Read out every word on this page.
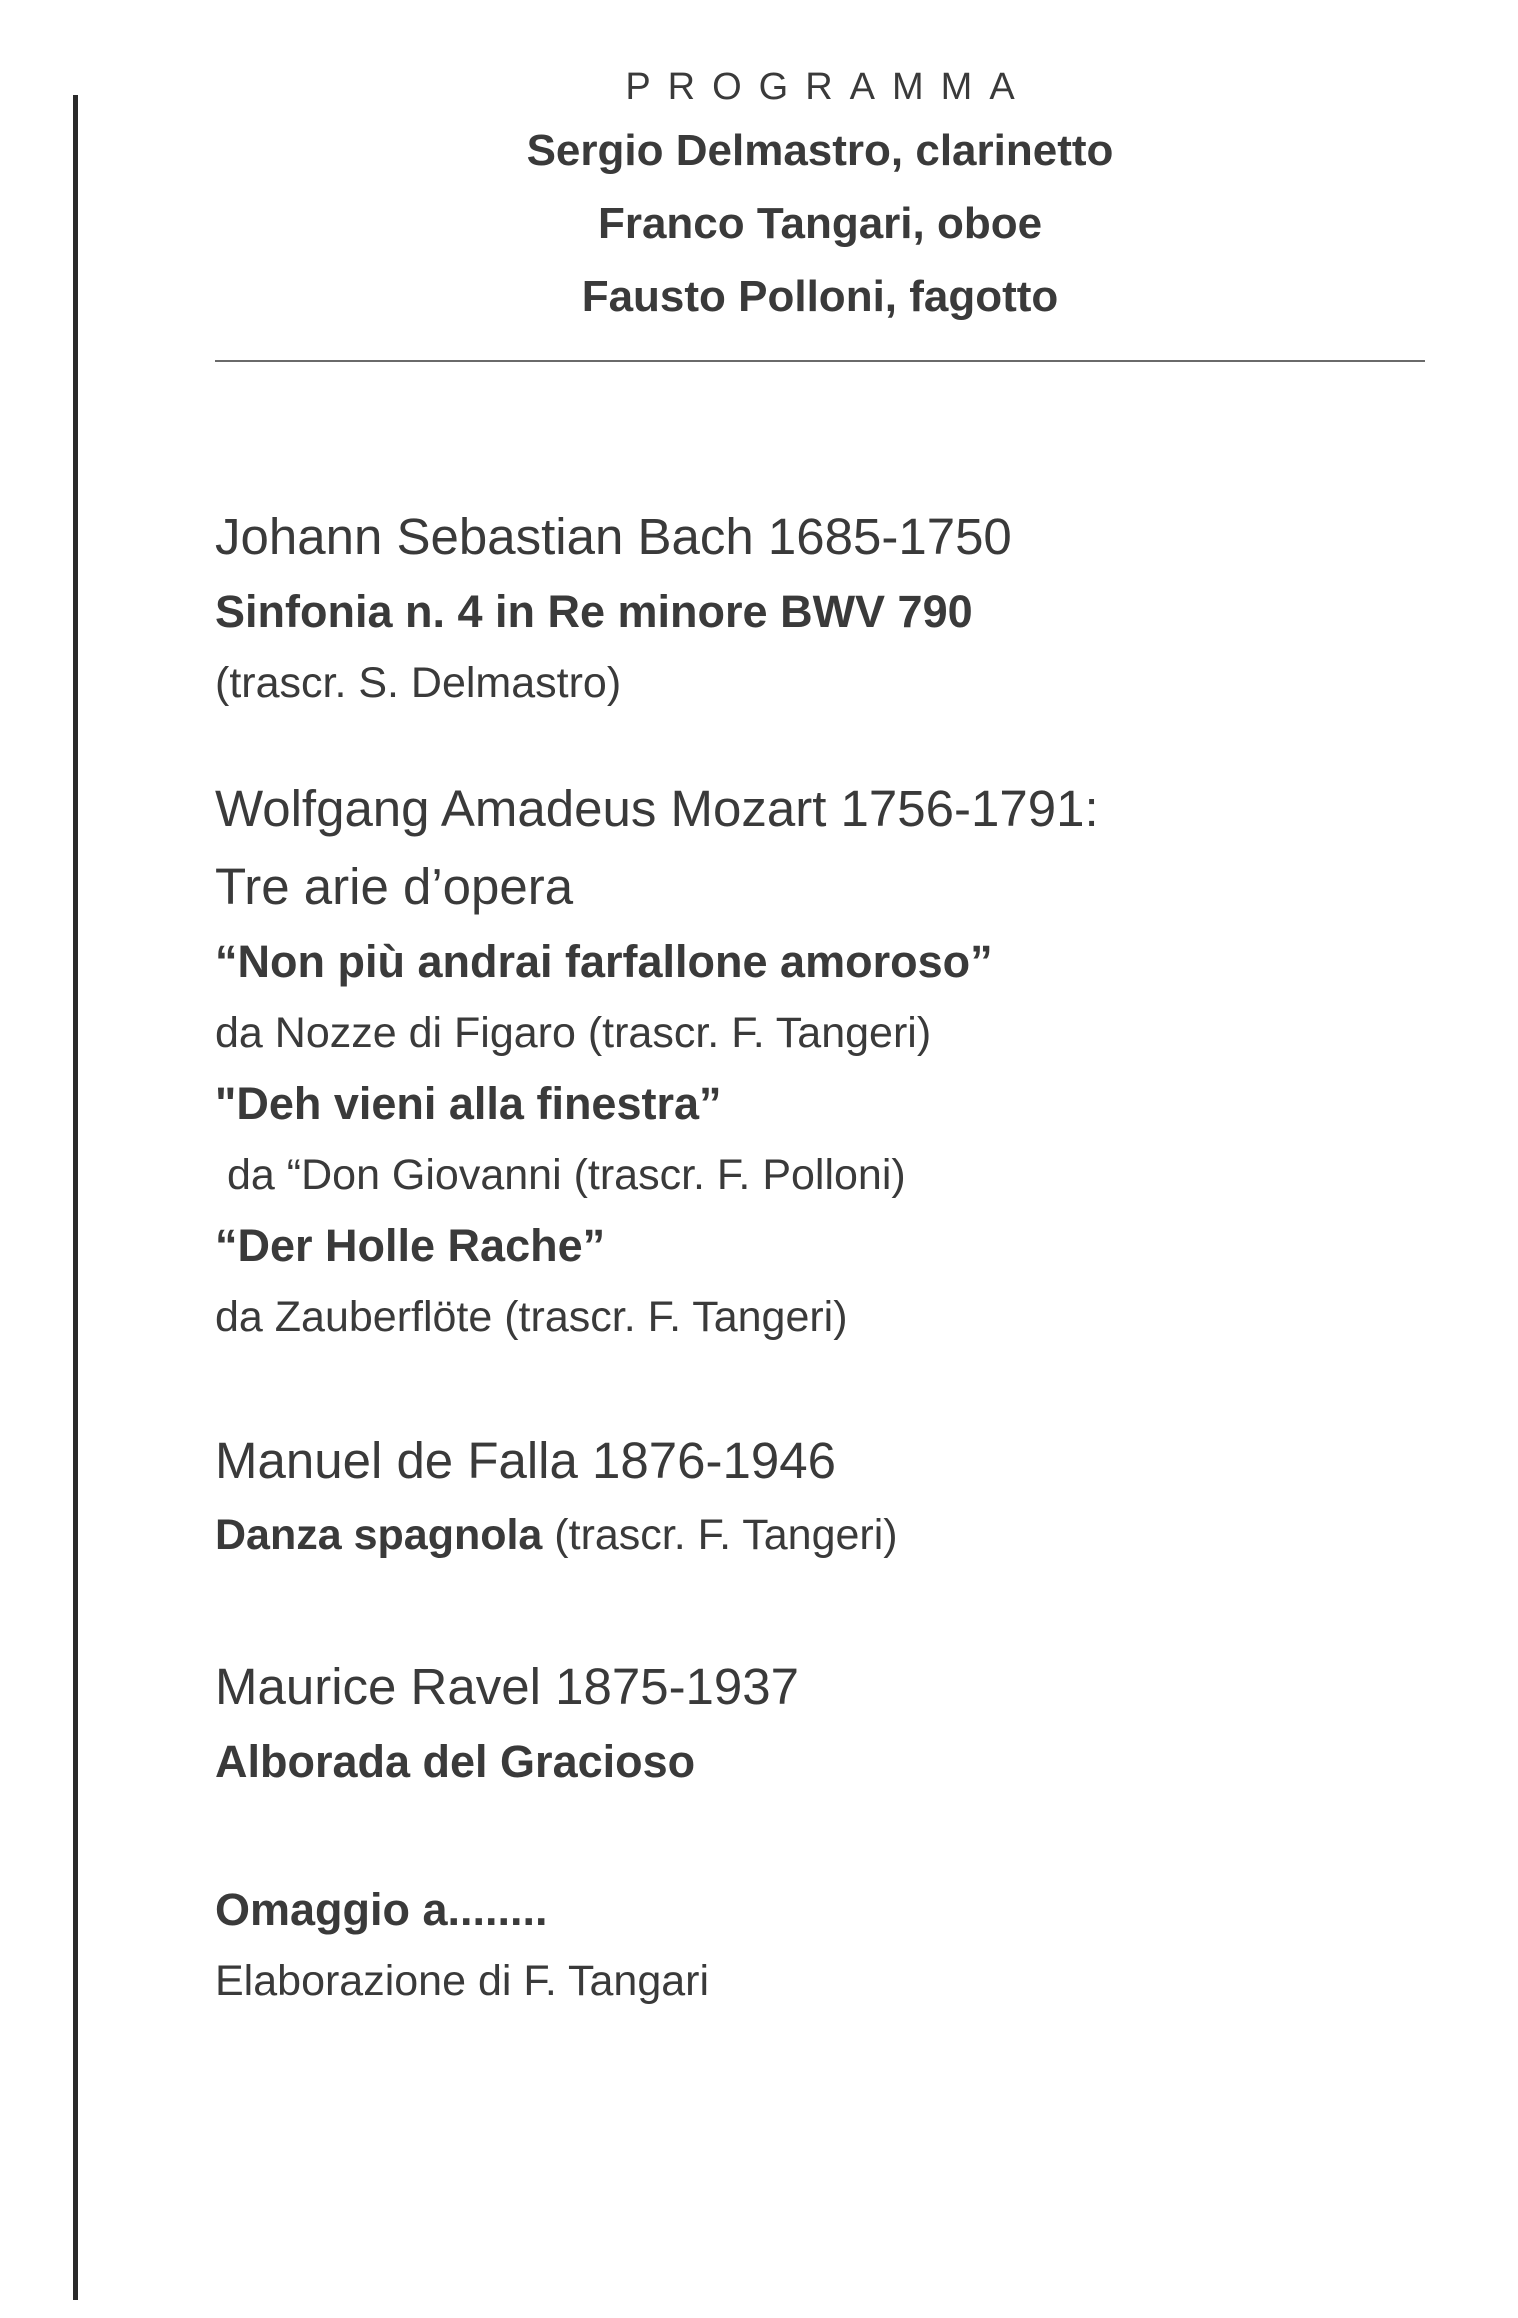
PROGRAMMA

Sergio Delmastro, clarinetto

Franco Tangari, oboe

Fausto Polloni, fagotto

Johann Sebastian Bach 1685-1750

Sinfonia n. 4 in Re minore BWV 790

(trascr. S. Delmastro)

Wolfgang Amadeus Mozart 1756-1791:

Tre arie d’opera

“Non più andrai farfallone amoroso”

da Nozze di Figaro (trascr. F. Tangeri)

"Deh vieni alla finestra”

da “Don Giovanni (trascr. F. Polloni)

“Der Holle Rache”

da Zauberflöte (trascr. F. Tangeri)

Manuel de Falla 1876-1946

Danza spagnola (trascr. F. Tangeri)

Maurice Ravel 1875-1937

Alborada del Gracioso

Omaggio a........

Elaborazione di F. Tangari
